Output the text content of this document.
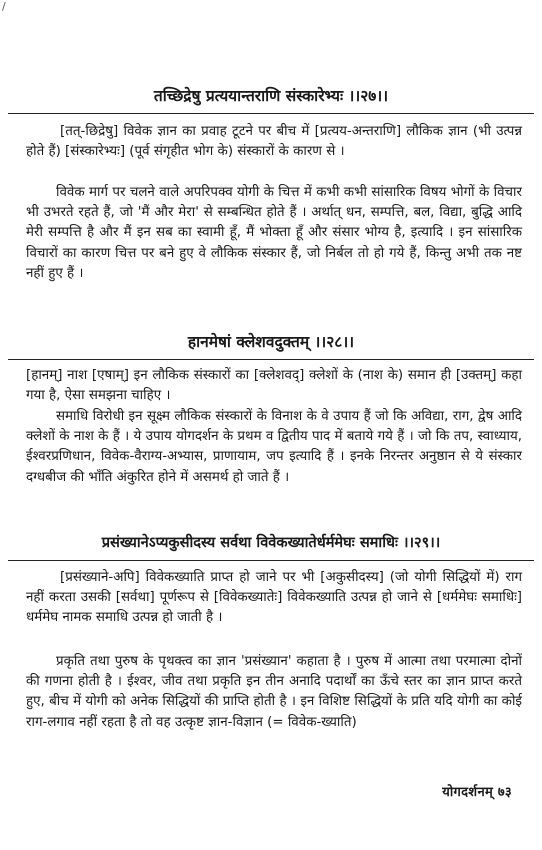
/

तच्छिद्रेषु प्रत्ययान्तराणि संस्कारेभ्यः ।।२७।।

[तत्-छिद्रेषु] विवेक ज्ञान का प्रवाह टूटने पर बीच में [प्रत्यय-अन्तराणि] लौकिक ज्ञान (भी उत्पन्न होते हैं) [संस्कारेभ्यः] (पूर्व संगृहीत भोग के) संस्कारों के कारण से ।

विवेक मार्ग पर चलने वाले अपरिपक्व योगी के चित्त में कभी कभी सांसारिक विषय भोगों के विचार भी उभरते रहते हैं, जो 'मैं और मेरा' से सम्बन्धित होते हैं । अर्थात् धन, सम्पत्ति, बल, विद्या, बुद्धि आदि मेरी सम्पत्ति है और मैं इन सब का स्वामी हूँ, मैं भोक्ता हूँ और संसार भोग्य है, इत्यादि । इन सांसारिक विचारों का कारण चित्त पर बने हुए वे लौकिक संस्कार हैं, जो निर्बल तो हो गये हैं, किन्तु अभी तक नष्ट नहीं हुए हैं ।

हानमेषां क्लेशवदुक्तम् ।।२८।।

[हानम्] नाश [एषाम्] इन लौकिक संस्कारों का [क्लेशवद्] क्लेशों के (नाश के) समान ही [उक्तम्] कहा गया है, ऐसा समझना चाहिए ।

समाधि विरोधी इन सूक्ष्म लौकिक संस्कारों के विनाश के वे उपाय हैं जो कि अविद्या, राग, द्वेष आदि क्लेशों के नाश के हैं । ये उपाय योगदर्शन के प्रथम व द्वितीय पाद में बताये गये हैं । जो कि तप, स्वाध्याय, ईश्वरप्रणिधान, विवेक-वैराग्य-अभ्यास, प्राणायाम, जप इत्यादि हैं । इनके निरन्तर अनुष्ठान से ये संस्कार दग्धबीज की भाँति अंकुरित होने में असमर्थ हो जाते हैं ।

प्रसंख्यानेऽप्यकुसीदस्य सर्वथा विवेकख्यातेर्धर्ममेघः समाधिः ।।२९।।

[प्रसंख्याने-अपि] विवेकख्याति प्राप्त हो जाने पर भी [अकुसीदस्य] (जो योगी सिद्धियों में) राग नहीं करता उसकी [सर्वथा] पूर्णरूप से [विवेकख्यातेः] विवेकख्याति उत्पन्न हो जाने से [धर्ममेघः समाधिः] धर्ममेघ नामक समाधि उत्पन्न हो जाती है ।

प्रकृति तथा पुरुष के पृथक्त्व का ज्ञान 'प्रसंख्यान' कहाता है । पुरुष में आत्मा तथा परमात्मा दोनों की गणना होती है । ईश्वर, जीव तथा प्रकृति इन तीन अनादि पदार्थों का ऊँचे स्तर का ज्ञान प्राप्त करते हुए, बीच में योगी को अनेक सिद्धियों की प्राप्ति होती है । इन विशिष्ट सिद्धियों के प्रति यदि योगी का कोई राग-लगाव नहीं रहता है तो वह उत्कृष्ट ज्ञान-विज्ञान (= विवेक-ख्याति)

योगदर्शनम् ७३
